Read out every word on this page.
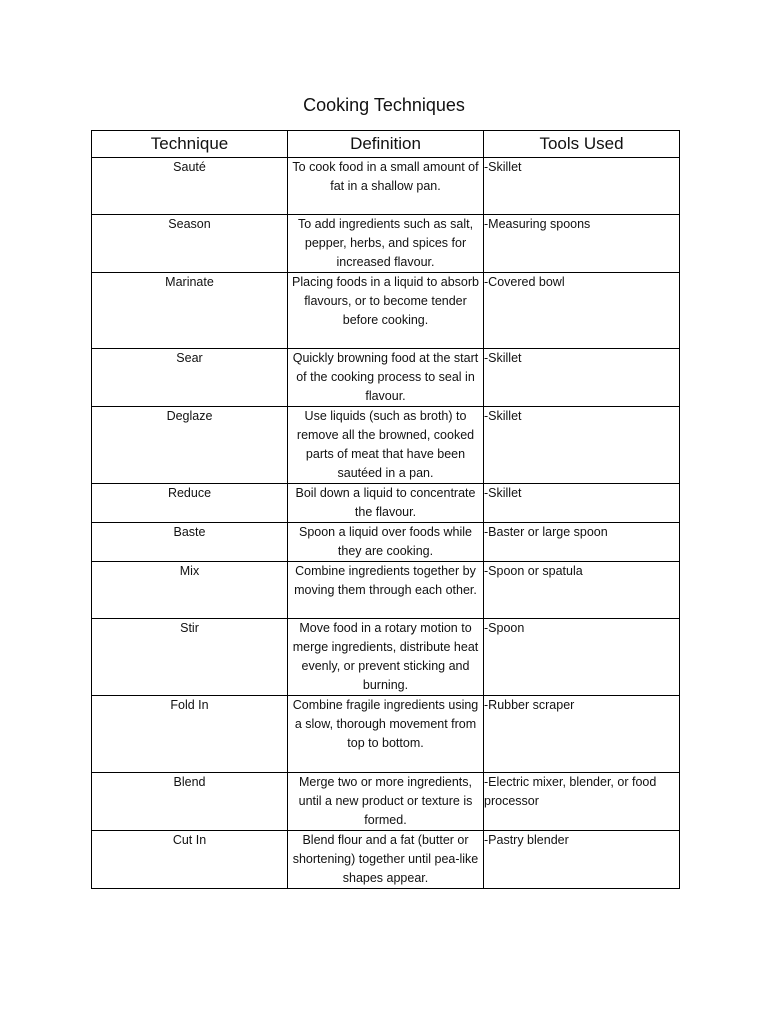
Cooking Techniques
Technique	Definition	Tools Used
Sauté	To cook food in a small amount of fat in a shallow pan.	-Skillet
Season	To add ingredients such as salt, pepper, herbs, and spices for increased flavour.	-Measuring spoons
Marinate	Placing foods in a liquid to absorb flavours, or to become tender before cooking.	-Covered bowl
Sear	Quickly browning food at the start of the cooking process to seal in flavour.	-Skillet
Deglaze	Use liquids (such as broth) to remove all the browned, cooked parts of meat that have been sautéed in a pan.	-Skillet
Reduce	Boil down a liquid to concentrate the flavour.	-Skillet
Baste	Spoon a liquid over foods while they are cooking.	-Baster or large spoon
Mix	Combine ingredients together by moving them through each other.	-Spoon or spatula
Stir	Move food in a rotary motion to merge ingredients, distribute heat evenly, or prevent sticking and burning.	-Spoon
Fold In	Combine fragile ingredients using a slow, thorough movement from top to bottom.	-Rubber scraper
Blend	Merge two or more ingredients, until a new product or texture is formed.	-Electric mixer, blender, or food processor
Cut In	Blend flour and a fat (butter or shortening) together until pea-like shapes appear.	-Pastry blender
